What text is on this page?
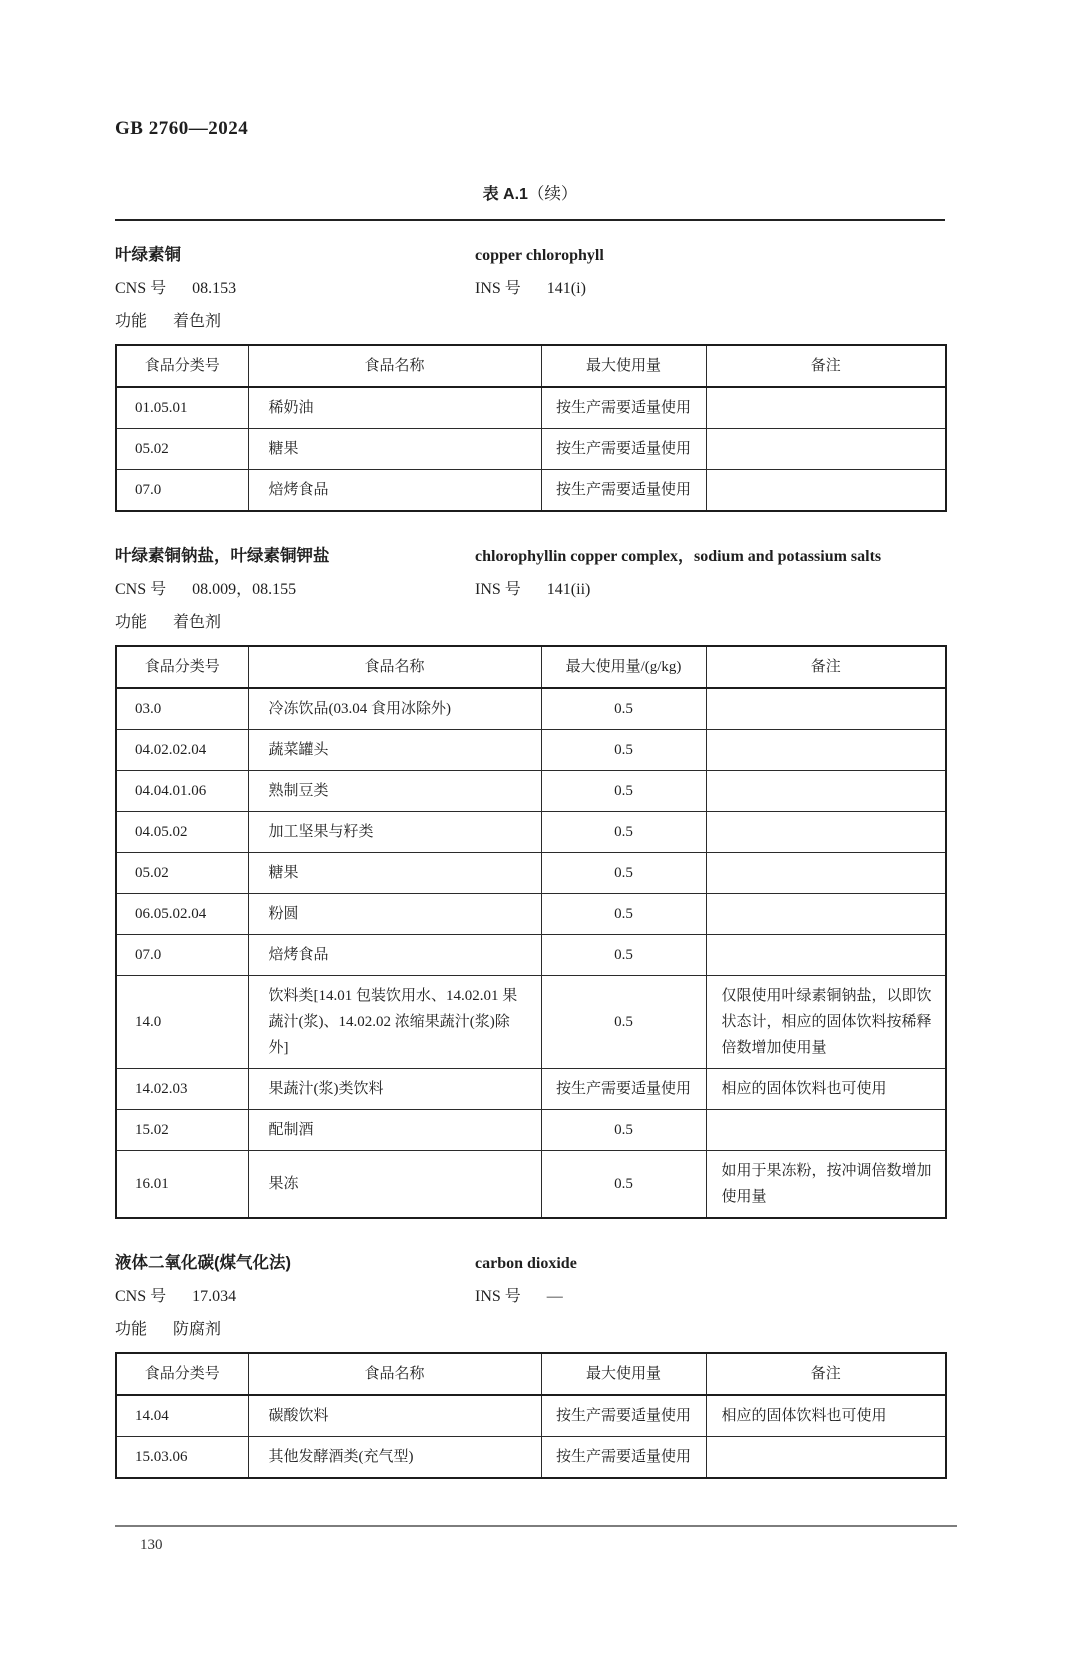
GB 2760—2024
表 A.1（续）
叶绿素铜	copper chlorophyll
CNS 号 08.153	INS 号 141(i)
功能 着色剂
食品分类号	食品名称	最大使用量	备注
01.05.01	稀奶油	按生产需要适量使用	
05.02	糖果	按生产需要适量使用	
07.0	焙烤食品	按生产需要适量使用	
叶绿素铜钠盐，叶绿素铜钾盐	chlorophyllin copper complex，sodium and potassium salts
CNS 号 08.009，08.155	INS 号 141(ii)
功能 着色剂
食品分类号	食品名称	最大使用量/(g/kg)	备注
03.0	冷冻饮品(03.04 食用冰除外)	0.5	
04.02.02.04	蔬菜罐头	0.5	
04.04.01.06	熟制豆类	0.5	
04.05.02	加工坚果与籽类	0.5	
05.02	糖果	0.5	
06.05.02.04	粉圆	0.5	
07.0	焙烤食品	0.5	
14.0	饮料类[14.01 包装饮用水、14.02.01 果蔬汁(浆)、14.02.02 浓缩果蔬汁(浆)除外]	0.5	仅限使用叶绿素铜钠盐，以即饮状态计，相应的固体饮料按稀释倍数增加使用量
14.02.03	果蔬汁(浆)类饮料	按生产需要适量使用	相应的固体饮料也可使用
15.02	配制酒	0.5	
16.01	果冻	0.5	如用于果冻粉，按冲调倍数增加使用量
液体二氧化碳(煤气化法)	carbon dioxide
CNS 号 17.034	INS 号 —
功能 防腐剂
食品分类号	食品名称	最大使用量	备注
14.04	碳酸饮料	按生产需要适量使用	相应的固体饮料也可使用
15.03.06	其他发酵酒类(充气型)	按生产需要适量使用	
130
